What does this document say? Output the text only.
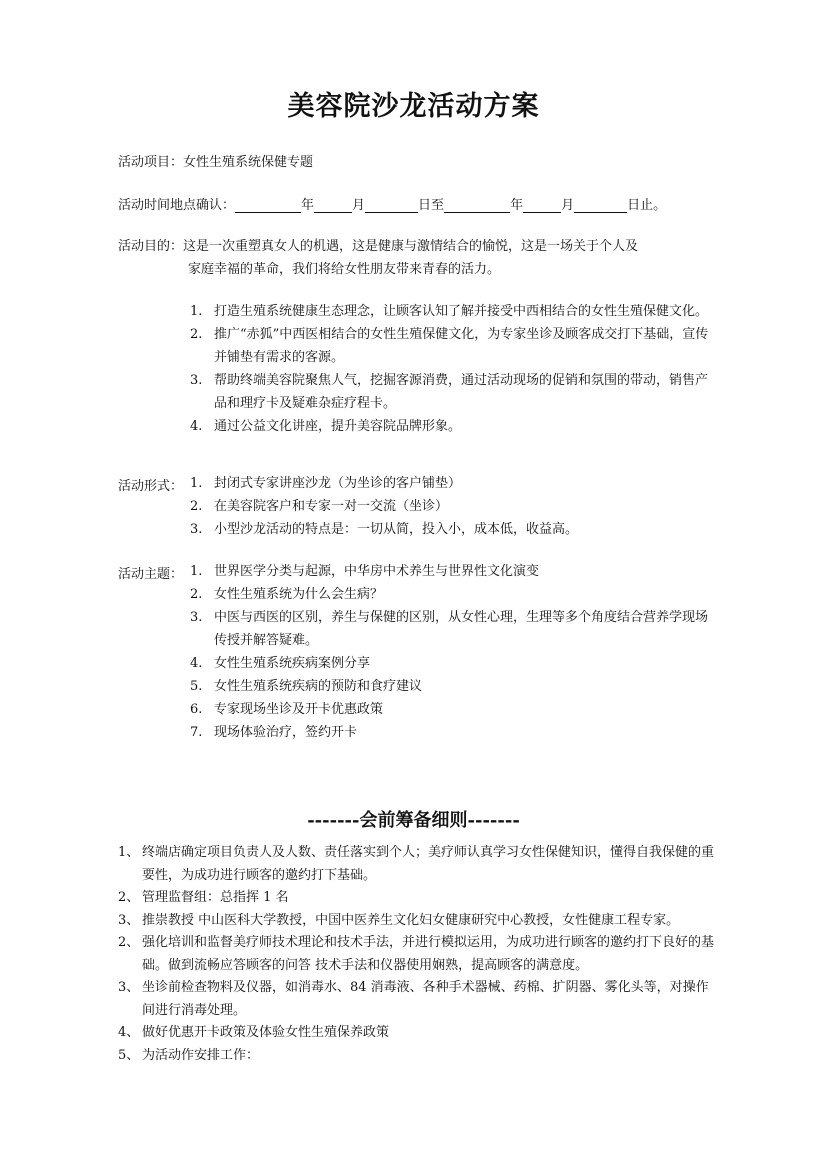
美容院沙龙活动方案
活动项目：女性生殖系统保健专题
活动时间地点确认：	年	月	日至	年	月	日止。
活动目的：这是一次重塑真女人的机遇，这是健康与激情结合的愉悦，这是一场关于个人及
家庭幸福的革命，我们将给女性朋友带来青春的活力。
1. 打造生殖系统健康生态理念，让顾客认知了解并接受中西相结合的女性生殖保健文化。
2. 推广“赤狐”中西医相结合的女性生殖保健文化，为专家坐诊及顾客成交打下基础，宣传并铺垫有需求的客源。
3. 帮助终端美容院聚焦人气，挖掘客源消费，通过活动现场的促销和氛围的带动，销售产品和理疗卡及疑难杂症疗程卡。
4. 通过公益文化讲座，提升美容院品牌形象。
活动形式： 1. 封闭式专家讲座沙龙（为坐诊的客户铺垫）
2. 在美容院客户和专家一对一交流（坐诊）
3. 小型沙龙活动的特点是：一切从简，投入小，成本低，收益高。
活动主题： 1. 世界医学分类与起源，中华房中术养生与世界性文化演变
2. 女性生殖系统为什么会生病？
3. 中医与西医的区别，养生与保健的区别，从女性心理，生理等多个角度结合营养学现场传授并解答疑难。
4. 女性生殖系统疾病案例分享
5. 女性生殖系统疾病的预防和食疗建议
6. 专家现场坐诊及开卡优惠政策
7. 现场体验治疗，签约开卡
-------会前筹备细则-------
1、 终端店确定项目负责人及人数、责任落实到个人；美疗师认真学习女性保健知识，懂得自我保健的重要性，为成功进行顾客的邀约打下基础。
2、 管理监督组：总指挥 1 名
3、 推崇教授 中山医科大学教授，中国中医养生文化妇女健康研究中心教授，女性健康工程专家。
2、 强化培训和监督美疗师技术理论和技术手法，并进行模拟运用，为成功进行顾客的邀约打下良好的基础。做到流畅应答顾客的问答 技术手法和仪器使用娴熟，提高顾客的满意度。
3、 坐诊前检查物料及仪器，如消毒水、84 消毒液、各种手术器械、药棉、扩阴器、雾化头等，对操作间进行消毒处理。
4、 做好优惠开卡政策及体验女性生殖保养政策
5、 为活动作安排工作：
